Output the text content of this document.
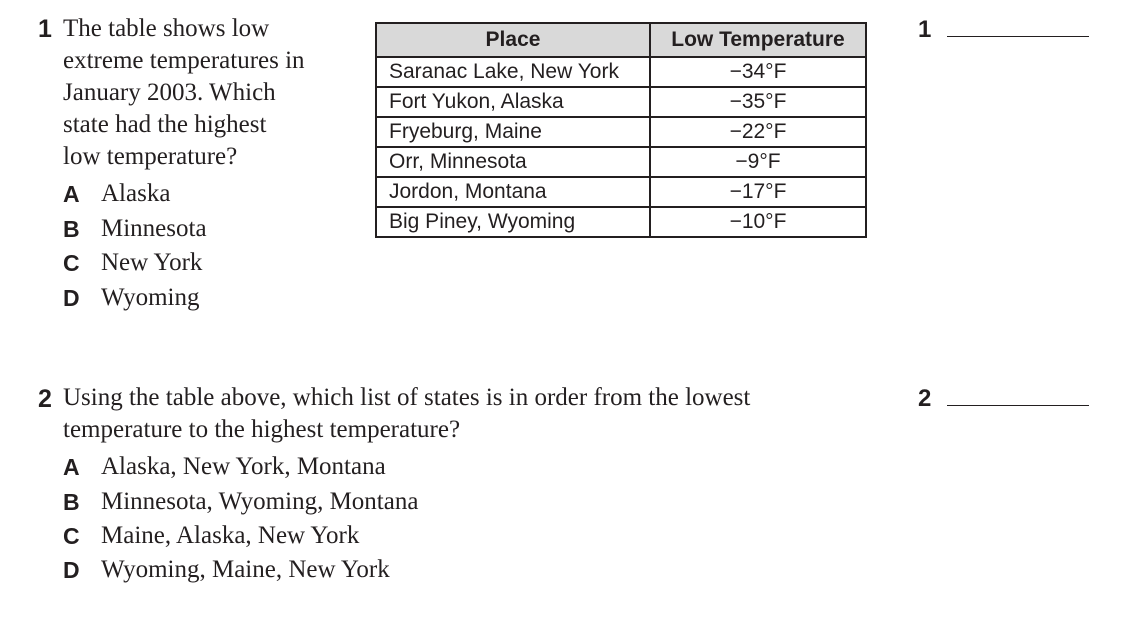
1 The table shows low
extreme temperatures in
January 2003. Which
state had the highest
low temperature?

A Alaska
B Minnesota
C New York
D Wyoming
Place	Low Temperature
Saranac Lake, New York	−34°F
Fort Yukon, Alaska	−35°F
Fryeburg, Maine	−22°F
Orr, Minnesota	−9°F
Jordon, Montana	−17°F
Big Piney, Wyoming	−10°F
1
2 Using the table above, which list of states is in order from the lowest
temperature to the highest temperature?

A Alaska, New York, Montana
B Minnesota, Wyoming, Montana
C Maine, Alaska, New York
D Wyoming, Maine, New York
2
